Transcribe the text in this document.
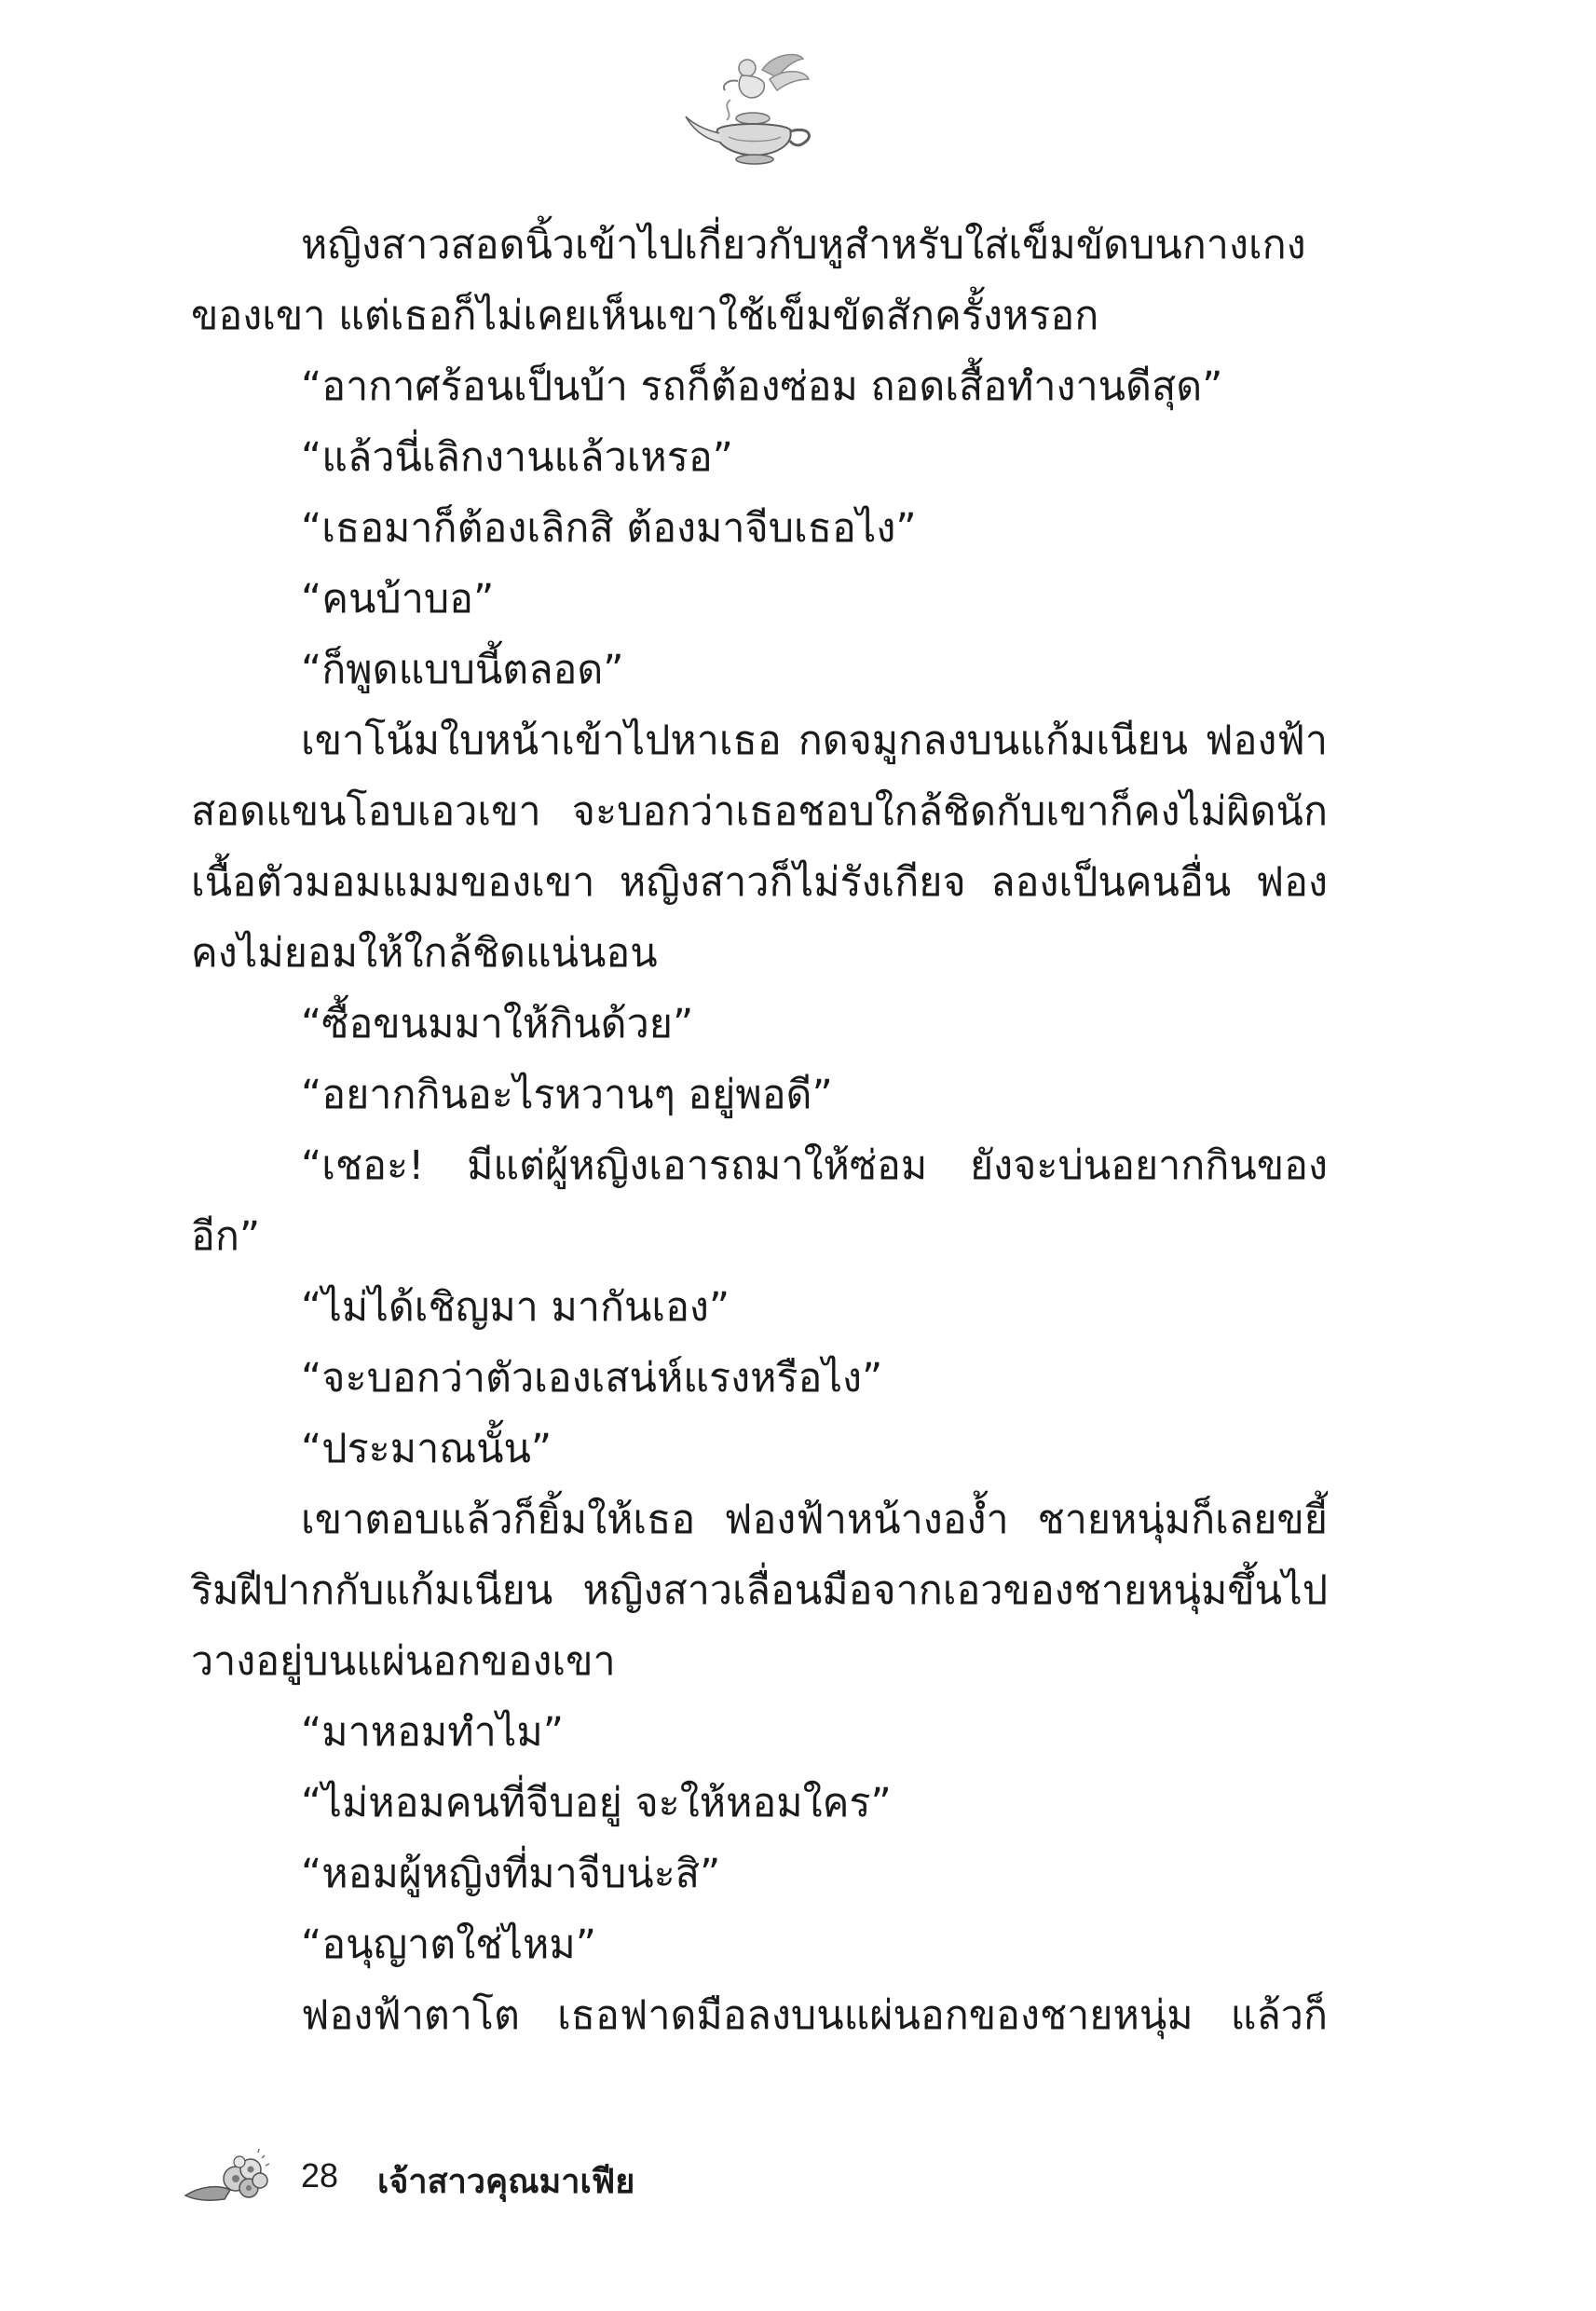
หญิงสาวสอดนิ้วเข้าไปเกี่ยวกับหูสำหรับใส่เข็มขัดบนกางเกง
ของเขา แต่เธอก็ไม่เคยเห็นเขาใช้เข็มขัดสักครั้งหรอก
“อากาศร้อนเป็นบ้า รถก็ต้องซ่อม ถอดเสื้อทำงานดีสุด”
“แล้วนี่เลิกงานแล้วเหรอ”
“เธอมาก็ต้องเลิกสิ ต้องมาจีบเธอไง”
“คนบ้าบอ”
“ก็พูดแบบนี้ตลอด”
เขาโน้มใบหน้าเข้าไปหาเธอ กดจมูกลงบนแก้มเนียน ฟองฟ้า
สอดแขนโอบเอวเขา จะบอกว่าเธอชอบใกล้ชิดกับเขาก็คงไม่ผิดนัก
เนื้อตัวมอมแมมของเขา หญิงสาวก็ไม่รังเกียจ ลองเป็นคนอื่น ฟอง
คงไม่ยอมให้ใกล้ชิดแน่นอน
“ซื้อขนมมาให้กินด้วย”
“อยากกินอะไรหวานๆ อยู่พอดี”
“เชอะ! มีแต่ผู้หญิงเอารถมาให้ซ่อม ยังจะบ่นอยากกินของ
อีก”
“ไม่ได้เชิญมา มากันเอง”
“จะบอกว่าตัวเองเสน่ห์แรงหรือไง”
“ประมาณนั้น”
เขาตอบแล้วก็ยิ้มให้เธอ ฟองฟ้าหน้างอง้ำ ชายหนุ่มก็เลยขยี้
ริมฝีปากกับแก้มเนียน หญิงสาวเลื่อนมือจากเอวของชายหนุ่มขึ้นไป
วางอยู่บนแผ่นอกของเขา
“มาหอมทำไม”
“ไม่หอมคนที่จีบอยู่ จะให้หอมใคร”
“หอมผู้หญิงที่มาจีบน่ะสิ”
“อนุญาตใช่ไหม”
ฟองฟ้าตาโต เธอฟาดมือลงบนแผ่นอกของชายหนุ่ม แล้วก็
28 เจ้าสาวคุณมาเฟีย
